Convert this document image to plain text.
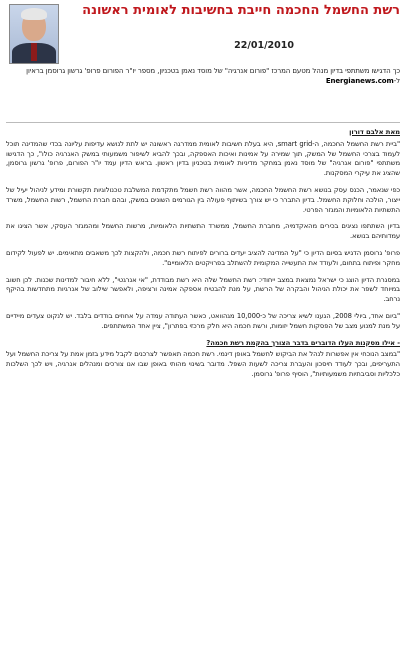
רשת החשמל החכמה חייבת בחשיבות לאומית ראשונה
22/01/2010
כך הדגישו משתתפי בדיון מנהל מטעם המרכז "פורום אנרגיה" של מוסד נאמן בטכניון, מספר יו"ר הפורום פרופ' גרשון גרוסמן בראיון ל-Energianews.com

מאת אלבם דורון

"ביית רשת החשמל החכמה, ה-smart grid, היא בעלת חשיבות לאומית ממדרגה ראשונה יש לתת לנושא עדיפות עליונה בכדי שהמדינה תוכל לעמוד בצרכי החשמל של המשק, תוך שמירה על אמינות ואיכות האספקה, ובכך להביא לשיפור משמעותי במשק האנרגיה כולו", כך הדגישו משתתפי "פורום אנרגיה" של מוסד נאמן במחקר מדיניות לאומית בטכניון בדיון ראשון. בראש הדיון עמד יו"ר הפורום, פרופ' גרשון גרוסמן, שהציג את עיקרי המסקנות.

כפי שנאמר, הכנס עסק בנושא רשת החשמל החכמה, אשר מהווה רשת חשמל מתקדמת המשלבת טכנולוגיות תקשורת ומידע לניהול יעיל של ייצור, הולכה וחלוקת החשמל. בדיון התברר כי יש צורך בשיתוף פעולה בין הגורמים השונים במשק, ובהם חברת החשמל, רשות החשמל, משרד התשתיות הלאומיות והמגזר הפרטי.

בדיון השתתפו נציגים בכירים מהאקדמיה, מחברת החשמל, ממשרד התשתיות הלאומיות, מרשות החשמל ומהמגזר העסקי, אשר הציגו את עמדותיהם בנושא.

פרופ' גרוסמן הדגיש בסיום הדיון כי "על המדינה להציב יעדים ברורים לפיתוח רשת חכמה, ולהקצות לכך משאבים מתאימים. יש לפעול לקידום מחקר ופיתוח בתחום, ולעודד את התעשייה המקומית להשתלב בפרויקטים הלאומיים".

במסגרת הדיון הוצג כי ישראל נמצאת במצב ייחודי: רשת החשמל שלה היא רשת מבודדת, "אי אנרגטי", ללא חיבור למדינות שכנות. לכן חשוב במיוחד לשפר את יכולת הניהול והבקרה של הרשת, על מנת להבטיח אספקה אמינה ורציפה, ולאפשר שילוב של אנרגיות מתחדשות בהיקף נרחב.

"ביום אחד, ביולי 2008, הגענו לשיא צריכה של כ-10,000 מגהוואט, כאשר העתודה עמדה על אחוזים בודדים בלבד. יש לנקוט צעדים מיידיים על מנת למנוע מצב של הפסקות חשמל יזומות, ורשת חכמה היא חלק מרכזי בפתרון", ציין אחד המשתתפים.

- אילו מסקנות העלו הדוברים בדבר הצורך בהקמת רשת חכמה?

"במצב הנוכחי אין אפשרות לנהל את הביקוש לחשמל באופן דינמי. רשת חכמה תאפשר לצרכנים לקבל מידע בזמן אמת על צריכת החשמל ועל התעריפים, ובכך לעודד חיסכון והעברת צריכה לשעות השפל. מדובר בשינוי מהותי באופן שבו אנו צורכים ומנהלים אנרגיה, ויש לכך השלכות כלכליות וסביבתיות משמעותיות", הוסיף פרופ' גרוסמן.
